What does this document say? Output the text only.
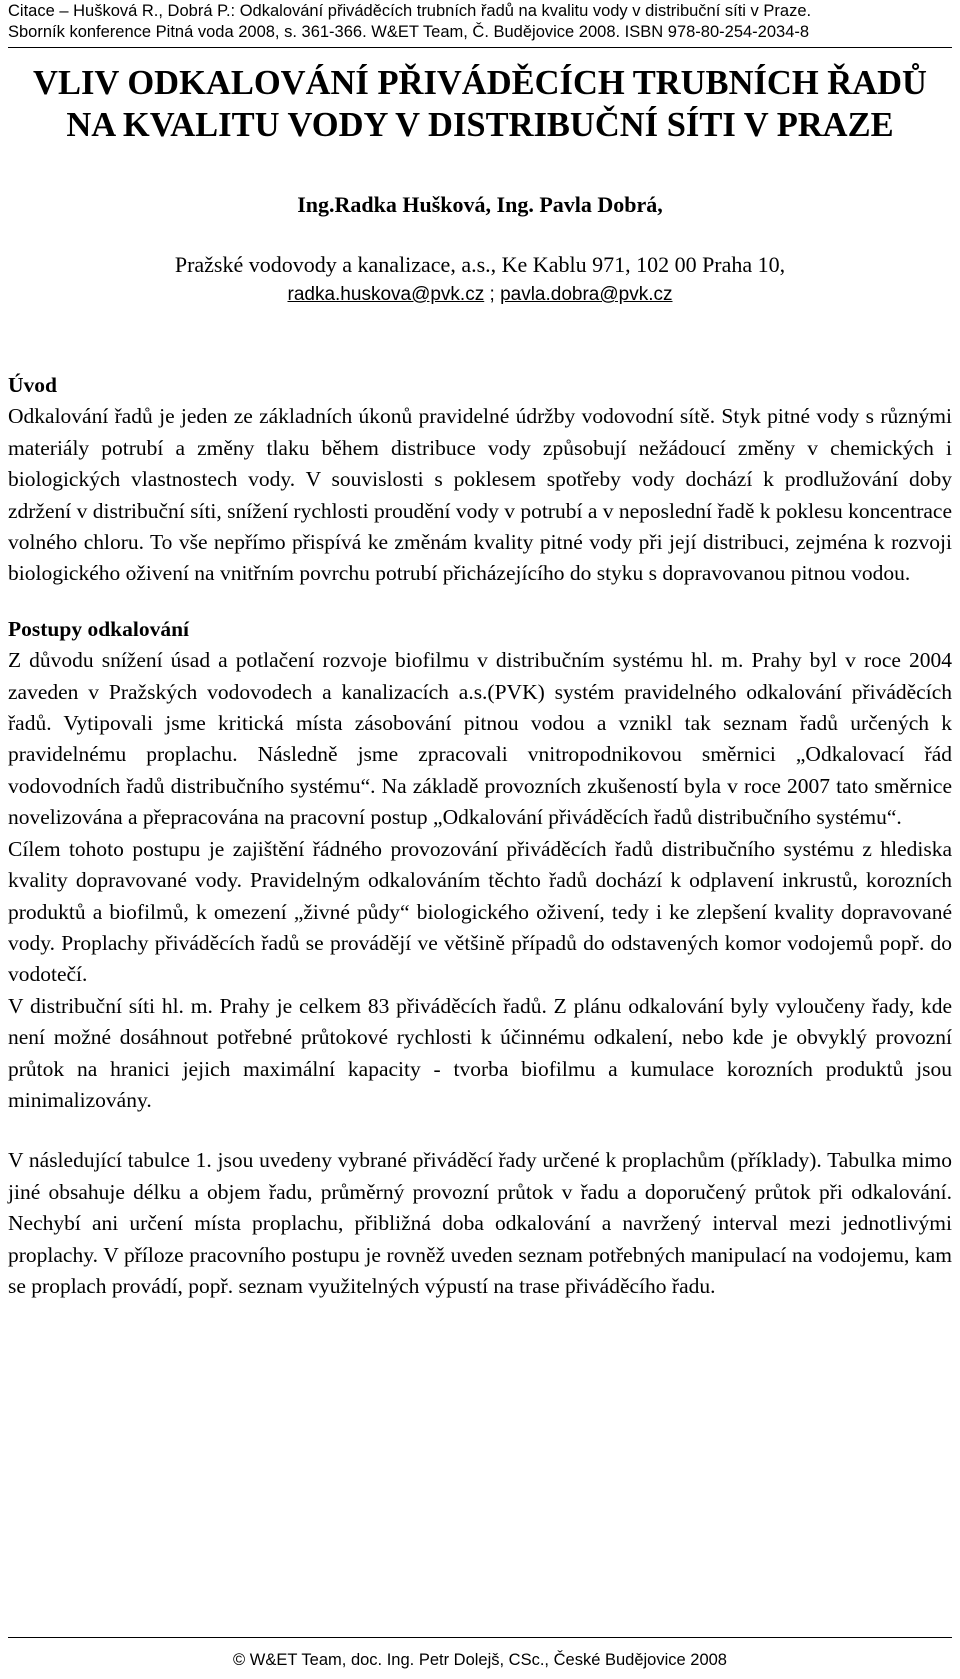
Citace – Hušková R., Dobrá P.: Odkalování přiváděcích trubních řadů na kvalitu vody v distribuční síti v Praze.
Sborník konference Pitná voda 2008, s. 361-366. W&ET Team, Č. Budějovice 2008. ISBN 978-80-254-2034-8
VLIV ODKALOVÁNÍ PŘIVÁDĚCÍCH TRUBNÍCH ŘADŮ
NA KVALITU VODY V DISTRIBUČNÍ SÍTI V PRAZE
Ing.Radka Hušková, Ing. Pavla Dobrá,
Pražské vodovody a kanalizace, a.s., Ke Kablu 971, 102 00 Praha 10,
radka.huskova@pvk.cz ; pavla.dobra@pvk.cz
Úvod

Odkalování řadů je jeden ze základních úkonů pravidelné údržby vodovodní sítě. Styk pitné vody s různými materiály potrubí a změny tlaku během distribuce vody způsobují nežádoucí změny v chemických i biologických vlastnostech vody. V souvislosti s poklesem spotřeby vody dochází k prodlužování doby zdržení v distribuční síti, snížení rychlosti proudění vody v potrubí a v neposlední řadě k poklesu koncentrace volného chloru. To vše nepřímo přispívá ke změnám kvality pitné vody při její distribuci, zejména k rozvoji biologického oživení na vnitřním povrchu potrubí přicházejícího do styku s dopravovanou pitnou vodou.

Postupy odkalování

Z důvodu snížení úsad a potlačení rozvoje biofilmu v distribučním systému hl. m. Prahy byl v roce 2004 zaveden v Pražských vodovodech a kanalizacích a.s.(PVK) systém pravidelného odkalování přiváděcích řadů. Vytipovali jsme kritická místa zásobování pitnou vodou a vznikl tak seznam řadů určených k pravidelnému proplachu. Následně jsme zpracovali vnitropodnikovou směrnici „Odkalovací řád vodovodních řadů distribučního systému“. Na základě provozních zkušeností byla v roce 2007 tato směrnice novelizována a přepracována na pracovní postup „Odkalování přiváděcích řadů distribučního systému“.

Cílem tohoto postupu je zajištění řádného provozování přiváděcích řadů distribučního systému z hlediska kvality dopravované vody. Pravidelným odkalováním těchto řadů dochází k odplavení inkrustů, korozních produktů a biofilmů, k omezení „živné půdy“ biologického oživení, tedy i ke zlepšení kvality dopravované vody. Proplachy přiváděcích řadů se provádějí ve většině případů do odstavených komor vodojemů popř. do vodotečí.

V distribuční síti hl. m. Prahy je celkem 83 přiváděcích řadů. Z plánu odkalování byly vyloučeny řady, kde není možné dosáhnout potřebné průtokové rychlosti k účinnému odkalení, nebo kde je obvyklý provozní průtok na hranici jejich maximální kapacity - tvorba biofilmu a kumulace korozních produktů jsou minimalizovány.

V následující tabulce 1. jsou uvedeny vybrané přiváděcí řady určené k proplachům (příklady). Tabulka mimo jiné obsahuje délku a objem řadu, průměrný provozní průtok v řadu a doporučený průtok při odkalování. Nechybí ani určení místa proplachu, přibližná doba odkalování a navržený interval mezi jednotlivými proplachy. V příloze pracovního postupu je rovněž uveden seznam potřebných manipulací na vodojemu, kam se proplach provádí, popř. seznam využitelných výpustí na trase přiváděcího řadu.

© W&ET Team, doc. Ing. Petr Dolejš, CSc., České Budějovice 2008
